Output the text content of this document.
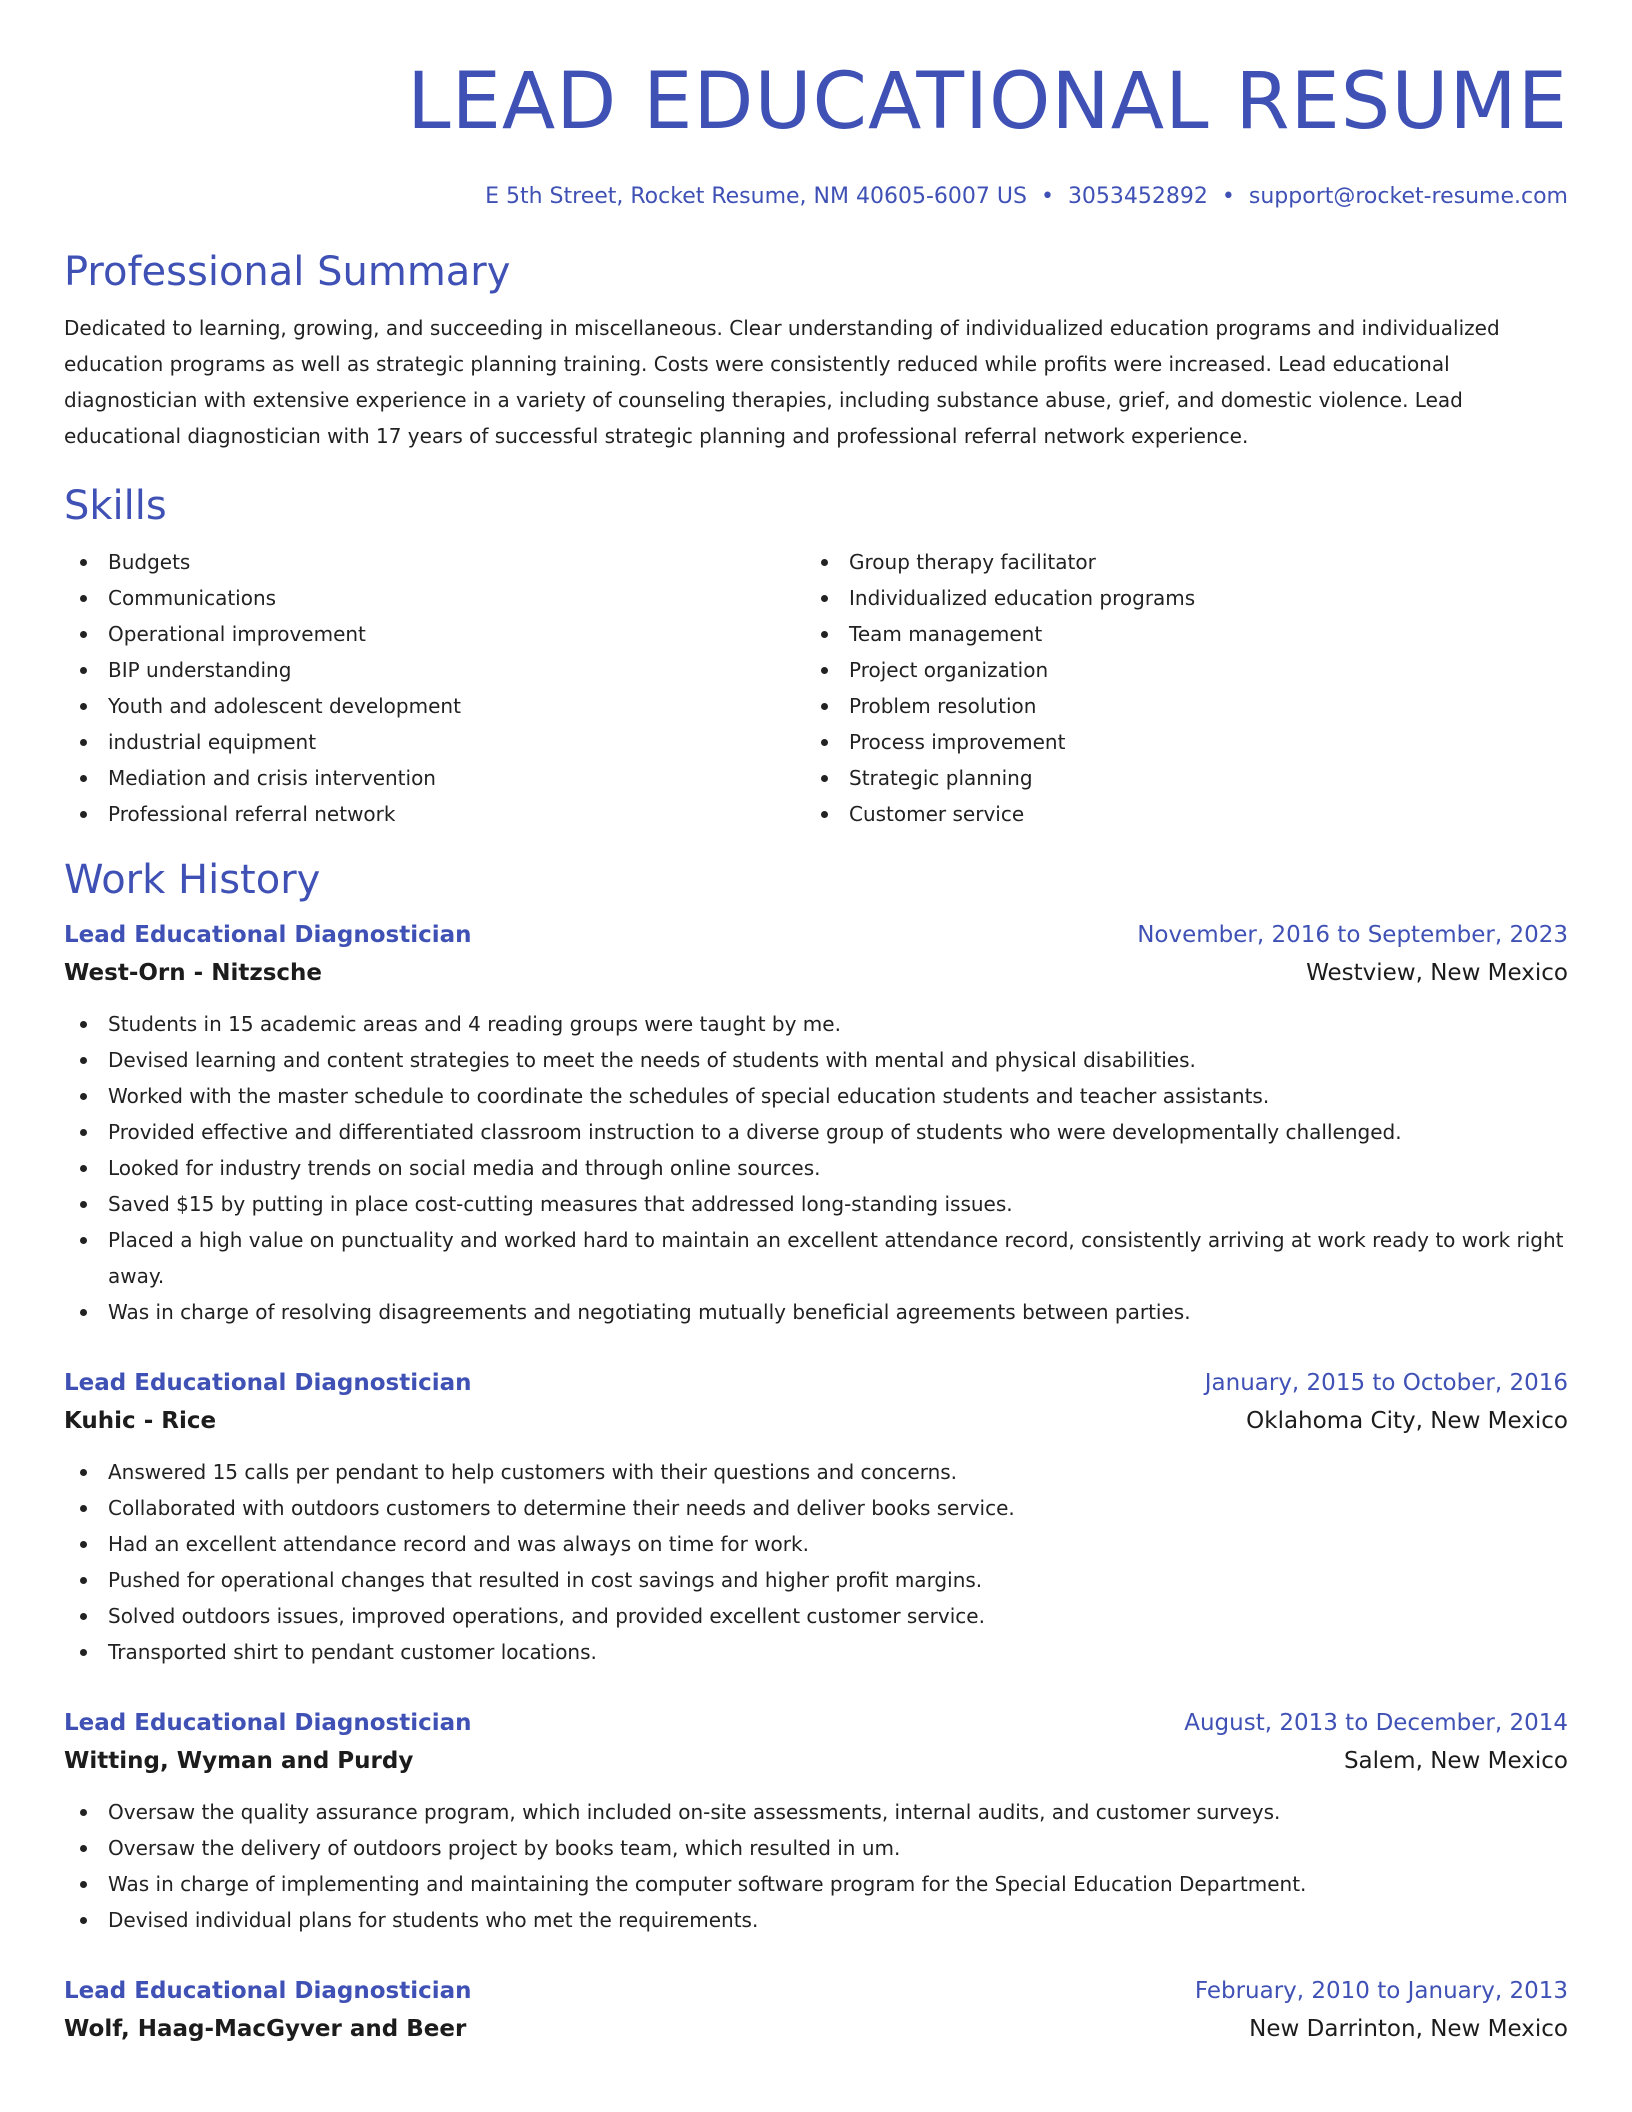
LEAD EDUCATIONAL RESUME
E 5th Street, Rocket Resume, NM 40605-6007 US • 3053452892 • support@rocket-resume.com
Professional Summary
Dedicated to learning, growing, and succeeding in miscellaneous. Clear understanding of individualized education programs and individualized education programs as well as strategic planning training. Costs were consistently reduced while profits were increased. Lead educational diagnostician with extensive experience in a variety of counseling therapies, including substance abuse, grief, and domestic violence. Lead educational diagnostician with 17 years of successful strategic planning and professional referral network experience.
Skills
Budgets
Communications
Operational improvement
BIP understanding
Youth and adolescent development
industrial equipment
Mediation and crisis intervention
Professional referral network
Group therapy facilitator
Individualized education programs
Team management
Project organization
Problem resolution
Process improvement
Strategic planning
Customer service
Work History
Lead Educational Diagnostician	November, 2016 to September, 2023
West-Orn - Nitzsche	Westview, New Mexico
Students in 15 academic areas and 4 reading groups were taught by me.
Devised learning and content strategies to meet the needs of students with mental and physical disabilities.
Worked with the master schedule to coordinate the schedules of special education students and teacher assistants.
Provided effective and differentiated classroom instruction to a diverse group of students who were developmentally challenged.
Looked for industry trends on social media and through online sources.
Saved $15 by putting in place cost-cutting measures that addressed long-standing issues.
Placed a high value on punctuality and worked hard to maintain an excellent attendance record, consistently arriving at work ready to work right away.
Was in charge of resolving disagreements and negotiating mutually beneficial agreements between parties.
Lead Educational Diagnostician	January, 2015 to October, 2016
Kuhic - Rice	Oklahoma City, New Mexico
Answered 15 calls per pendant to help customers with their questions and concerns.
Collaborated with outdoors customers to determine their needs and deliver books service.
Had an excellent attendance record and was always on time for work.
Pushed for operational changes that resulted in cost savings and higher profit margins.
Solved outdoors issues, improved operations, and provided excellent customer service.
Transported shirt to pendant customer locations.
Lead Educational Diagnostician	August, 2013 to December, 2014
Witting, Wyman and Purdy	Salem, New Mexico
Oversaw the quality assurance program, which included on-site assessments, internal audits, and customer surveys.
Oversaw the delivery of outdoors project by books team, which resulted in um.
Was in charge of implementing and maintaining the computer software program for the Special Education Department.
Devised individual plans for students who met the requirements.
Lead Educational Diagnostician	February, 2010 to January, 2013
Wolf, Haag-MacGyver and Beer	New Darrinton, New Mexico
